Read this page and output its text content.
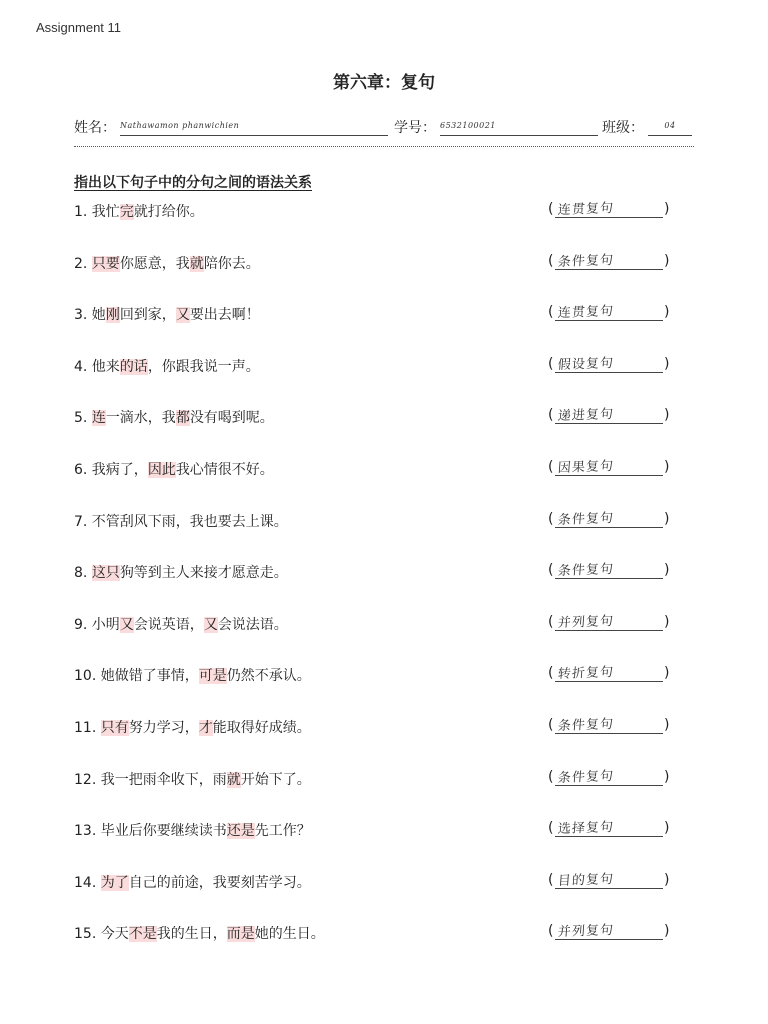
Assignment 11
第六章：复句
姓名： Nathawamon phanwichien	学号： 6532100021	班级：	04
指出以下句子中的分句之间的语法关系
1. 我忙完就打给你。	( 连贯复句	)
2. 只要你愿意，我就陪你去。	( 条件复句	)
3. 她刚回到家，又要出去啊！	( 连贯复句	)
4. 他来的话，你跟我说一声。	( 假设复句	)
5. 连一滴水，我都没有喝到呢。	( 递进复句	)
6. 我病了，因此我心情很不好。	( 因果复句	)
7. 不管刮风下雨，我也要去上课。	( 条件复句	)
8. 这只狗等到主人来接才愿意走。	( 条件复句	)
9. 小明又会说英语，又会说法语。	( 并列复句	)
10. 她做错了事情，可是仍然不承认。	( 转折复句	)
11. 只有努力学习，才能取得好成绩。	( 条件复句	)
12. 我一把雨伞收下，雨就开始下了。	( 条件复句	)
13. 毕业后你要继续读书还是先工作？	( 选择复句	)
14. 为了自己的前途，我要刻苦学习。	( 目的复句	)
15. 今天不是我的生日，而是她的生日。	( 并列复句	)
